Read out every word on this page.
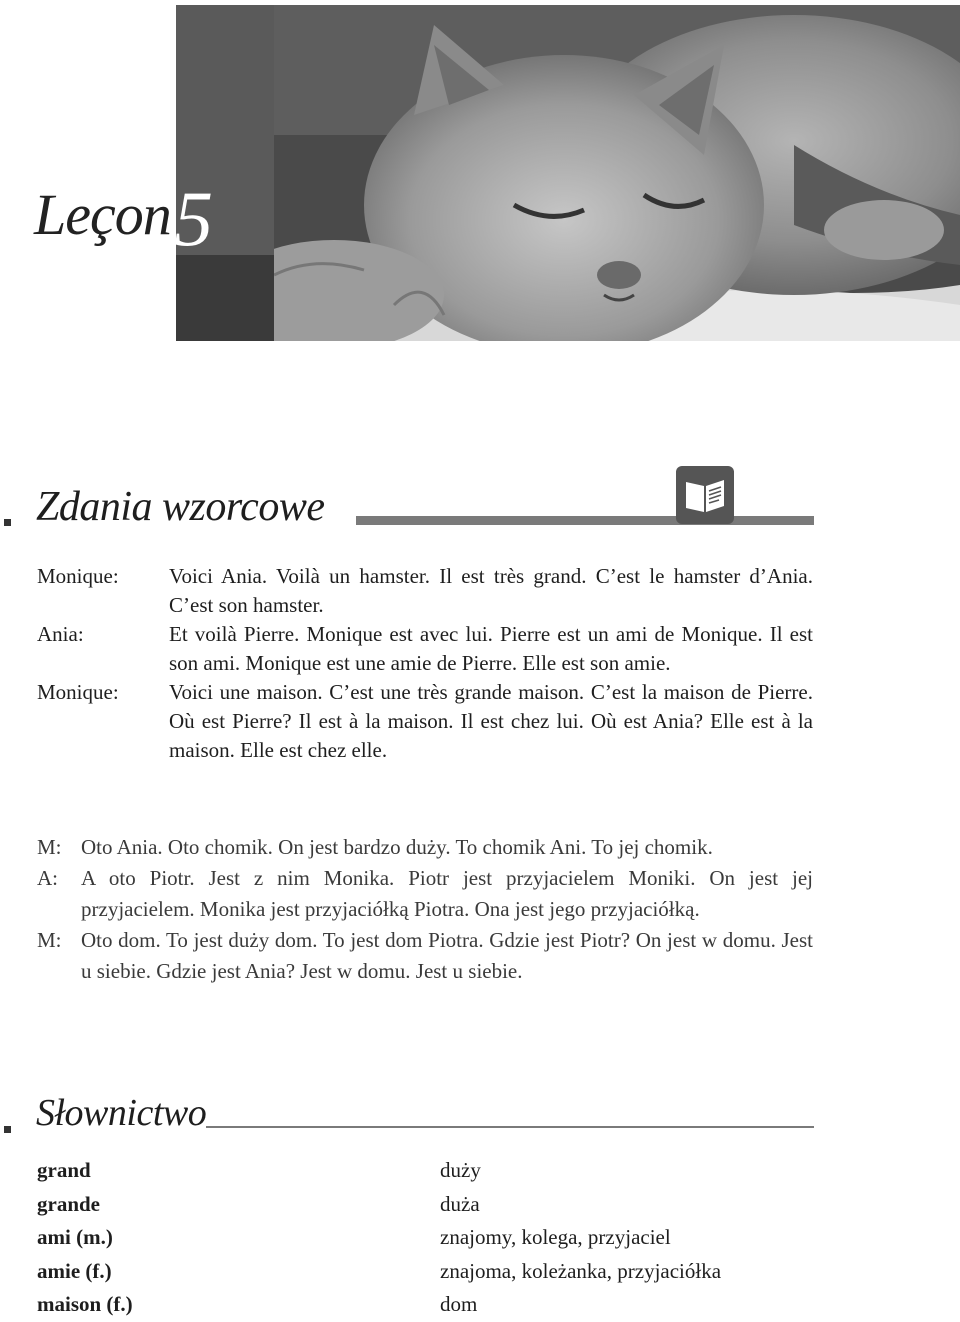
Leçon 5
Zdania wzorcowe
Monique:	Voici Ania. Voilà un hamster. Il est très grand. C’est le hamster d’Ania. C’est son hamster.
Ania:	Et voilà Pierre. Monique est avec lui. Pierre est un ami de Monique. Il est son ami. Monique est une amie de Pierre. Elle est son amie.
Monique:	Voici une maison. C’est une très grande maison. C’est la maison de Pierre. Où est Pierre? Il est à la maison. Il est chez lui. Où est Ania? Elle est à la maison. Elle est chez elle.
M: Oto Ania. Oto chomik. On jest bardzo duży. To chomik Ani. To jej chomik.
A:	A oto Piotr. Jest z nim Monika. Piotr jest przyjacielem Moniki. On jest jej przyjacielem. Monika jest przyjaciółką Piotra. Ona jest jego przyjaciółką.
M: Oto dom. To jest duży dom. To jest dom Piotra. Gdzie jest Piotr? On jest w domu. Jest u siebie. Gdzie jest Ania? Jest w domu. Jest u siebie.
Słownictwo
grand	duży
grande	duża
ami (m.)	znajomy, kolega, przyjaciel
amie (f.)	znajoma, koleżanka, przyjaciółka
maison (f.)	dom
